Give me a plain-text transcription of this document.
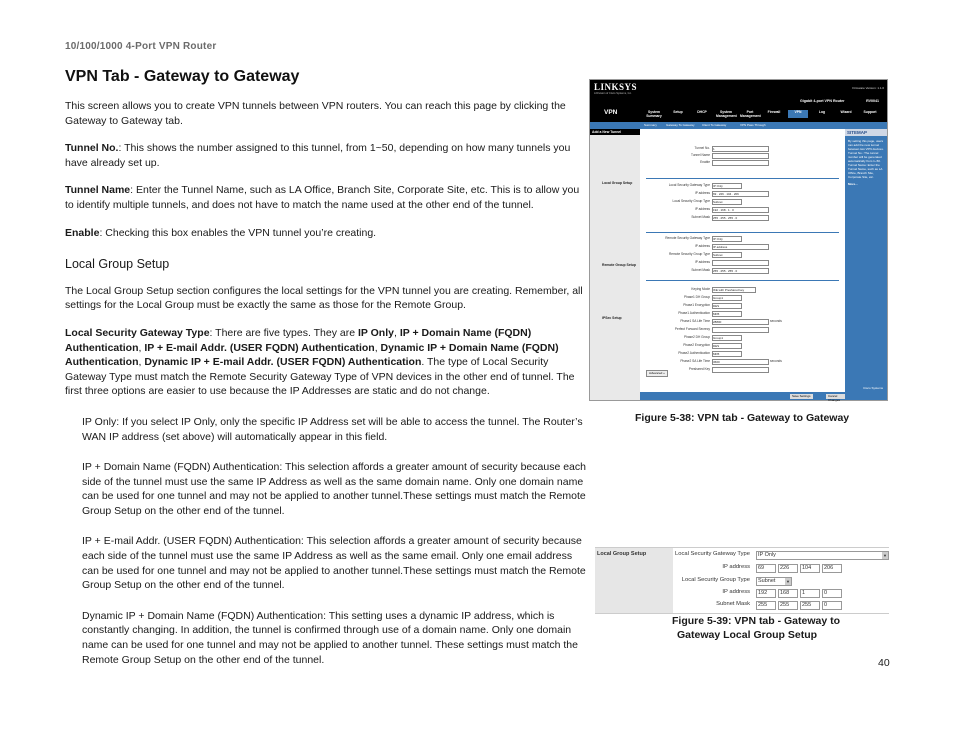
10/100/1000 4-Port VPN Router
VPN Tab - Gateway to Gateway

This screen allows you to create VPN tunnels between VPN routers. You can reach this page by clicking the Gateway to Gateway tab.

Tunnel No.: This shows the number assigned to this tunnel, from 1~50, depending on how many tunnels you have already set up.

Tunnel Name: Enter the Tunnel Name, such as LA Office, Branch Site, Corporate Site, etc. This is to allow you to identify multiple tunnels, and does not have to match the name used at the other end of the tunnel.

Enable: Checking this box enables the VPN tunnel you’re creating.

Local Group Setup

The Local Group Setup section configures the local settings for the VPN tunnel you are creating. Remember, all settings for the Local Group must be exactly the same as those for the Remote Group.

Local Security Gateway Type: There are five types. They are IP Only, IP + Domain Name (FQDN) Authentication, IP + E-mail Addr. (USER FQDN) Authentication, Dynamic IP + Domain Name (FQDN) Authentication, Dynamic IP + E-mail Addr. (USER FQDN) Authentication. The type of Local Security Gateway Type must match the Remote Security Gateway Type of VPN devices in the other end of tunnel. The first three options are easier to use because the IP Addresses are static and do not change.

IP Only: If you select IP Only, only the specific IP Address set will be able to access the tunnel. The Router’s WAN IP address (set above) will automatically appear in this field.

IP + Domain Name (FQDN) Authentication: This selection affords a greater amount of security because each side of the tunnel must use the same IP Address as well as the same domain name. Only one domain name can be used for one tunnel and may not be applied to another tunnel.These settings must match the Remote Group Setup on the other end of the tunnel.

IP + E-mail Addr. (USER FQDN) Authentication: This selection affords a greater amount of security because each side of the tunnel must use the same IP Address as well as the same email. Only one email address can be used for one tunnel and may not be applied to another tunnel.These settings must match the Remote Group Setup on the other end of the tunnel.

Dynamic IP + Domain Name (FQDN) Authentication: This setting uses a dynamic IP address, which is constantly changing. In addition, the tunnel is confirmed through use of a domain name. Only one domain name can be used for one tunnel and may not be applied to another tunnel. These settings must match the Remote Group Setup on the other end of the tunnel.

LINKSYS
A Division of Cisco Systems, Inc.
Firmware Version: 1.1.0
Gigabit 4-port VPN Router	RV0041
VPN	System Summary
Setup	DHCP	System Management
Port Management
Firewall	VPN	Log	Wizard	Support	Logout
Summary	Gateway To Gateway	Client To Gateway	VPN Pass Through
Add a New Tunnel
Local Group Setup
Remote Group Setup
IPSec Setup
SITEMAP
By setting this page, users can add the new tunnel between two VPN devices. Tunnel No.: The tunnel number will be generated automatically from 1~50. Tunnel Name: Enter the Tunnel Name, such as LA Office, Branch Site, Corporate Site, etc.
More...
Tunnel No.	1
Tunnel Name
Enable
Local Security Gateway Type	IP Only
IP address	69 . 226 . 104 . 206
Local Security Group Type	Subnet
IP address	192 . 168 . 1 . 0
Subnet Mask	255 . 255 . 255 . 0
Remote Security Gateway Type	IP Only
IP address	IP address
Remote Security Group Type	Subnet
IP address
Subnet Mask	255 . 255 . 255 . 0
Keying Mode	IKE with Preshared key
Phase1 DH Group	Group1
Phase1 Encryption	DES
Phase1 Authentication	MD5
Phase1 SA Life Time	28800	seconds
Perfect Forward Secrecy
Phase2 DH Group	Group1
Phase2 Encryption	DES
Phase2 Authentication	MD5
Phase2 SA Life Time	3600	seconds
Preshared Key
Advanced +
Save Settings	Cancel Changes
Cisco Systems
Figure 5-38: VPN tab - Gateway to Gateway
Local Group Setup	Local Security Gateway Type	IP Only	▼
IP address	69	226	104	206
Local Security Group Type	Subnet	▼
IP address	192	168	1	0
Subnet Mask	255	255	255	0
Figure 5-39: VPN tab - Gateway to
Gateway Local Group Setup
40
